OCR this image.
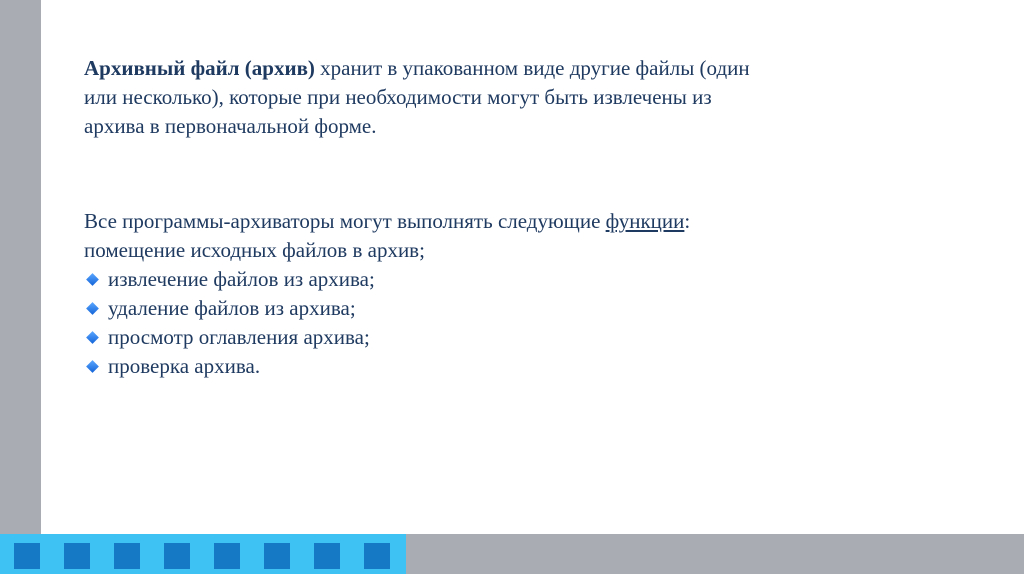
Архивный файл (архив) хранит в упакованном виде другие файлы (один
или несколько), которые при необходимости могут быть извлечены из
архива в первоначальной форме.

Все программы-архиваторы могут выполнять следующие функции:
помещение исходных файлов в архив;
извлечение файлов из архива;
удаление файлов из архива;
просмотр оглавления архива;
проверка архива.
